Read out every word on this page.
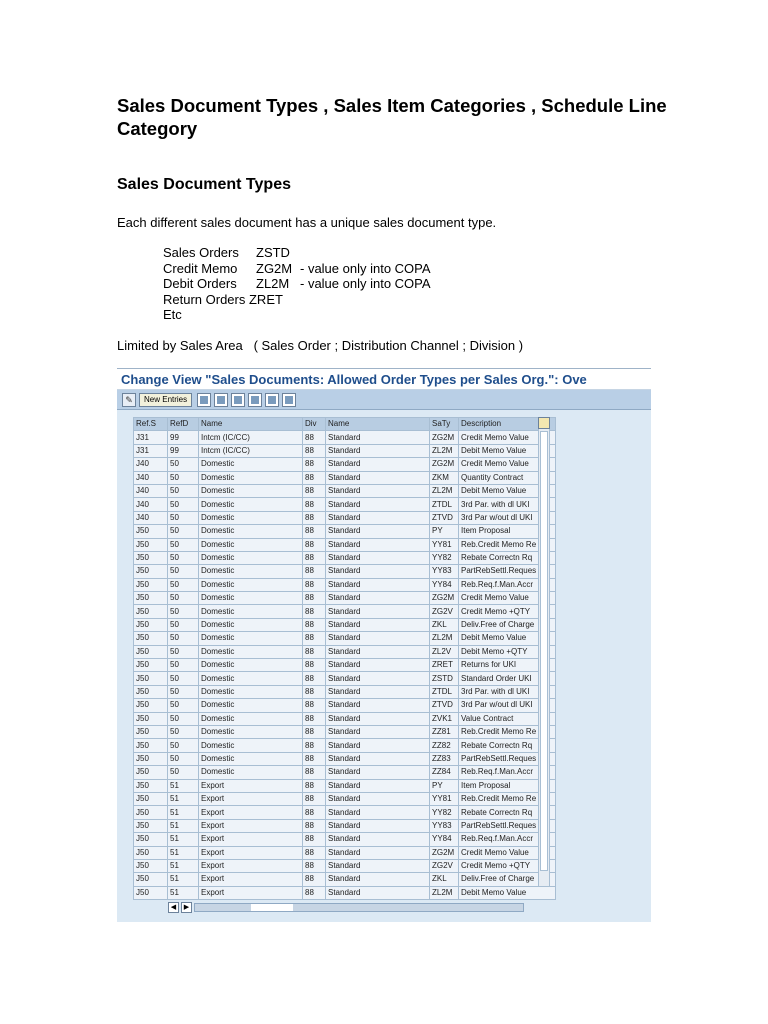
Sales Document Types , Sales Item Categories , Schedule Line Category
Sales Document Types
Each different sales document has a unique sales document type.
Sales Orders ZSTD
Credit Memo ZG2M - value only into COPA
Debit Orders ZL2M - value only into COPA
Return Orders ZRET
Etc
Limited by Sales Area   ( Sales Order ; Distribution Channel ; Division )
Change View "Sales Documents: Allowed Order Types per Sales Org.": Ove
✎	New Entries
Ref.S	RefD	Name	Div	Name	SaTy	Description
J31	99	Intcm (IC/CC)	88	Standard	ZG2M	Credit Memo Value
J31	99	Intcm (IC/CC)	88	Standard	ZL2M	Debit Memo Value
J40	50	Domestic	88	Standard	ZG2M	Credit Memo Value
J40	50	Domestic	88	Standard	ZKM	Quantity Contract
J40	50	Domestic	88	Standard	ZL2M	Debit Memo Value
J40	50	Domestic	88	Standard	ZTDL	3rd Par. with dl UKI
J40	50	Domestic	88	Standard	ZTVD	3rd Par w/out dl UKI
J50	50	Domestic	88	Standard	PY	Item Proposal
J50	50	Domestic	88	Standard	YY81	Reb.Credit Memo Re
J50	50	Domestic	88	Standard	YY82	Rebate Correctn Rq
J50	50	Domestic	88	Standard	YY83	PartRebSettl.Reques
J50	50	Domestic	88	Standard	YY84	Reb.Req.f.Man.Accr
J50	50	Domestic	88	Standard	ZG2M	Credit Memo Value
J50	50	Domestic	88	Standard	ZG2V	Credit Memo +QTY
J50	50	Domestic	88	Standard	ZKL	Deliv.Free of Charge
J50	50	Domestic	88	Standard	ZL2M	Debit Memo Value
J50	50	Domestic	88	Standard	ZL2V	Debit Memo +QTY
J50	50	Domestic	88	Standard	ZRET	Returns for UKI
J50	50	Domestic	88	Standard	ZSTD	Standard Order UKI
J50	50	Domestic	88	Standard	ZTDL	3rd Par. with dl UKI
J50	50	Domestic	88	Standard	ZTVD	3rd Par w/out dl UKI
J50	50	Domestic	88	Standard	ZVK1	Value Contract
J50	50	Domestic	88	Standard	ZZ81	Reb.Credit Memo Re
J50	50	Domestic	88	Standard	ZZ82	Rebate Correctn Rq
J50	50	Domestic	88	Standard	ZZ83	PartRebSettl.Reques
J50	50	Domestic	88	Standard	ZZ84	Reb.Req.f.Man.Accr
J50	51	Export	88	Standard	PY	Item Proposal
J50	51	Export	88	Standard	YY81	Reb.Credit Memo Re
J50	51	Export	88	Standard	YY82	Rebate Correctn Rq
J50	51	Export	88	Standard	YY83	PartRebSettl.Reques
J50	51	Export	88	Standard	YY84	Reb.Req.f.Man.Accr
J50	51	Export	88	Standard	ZG2M	Credit Memo Value
J50	51	Export	88	Standard	ZG2V	Credit Memo +QTY
J50	51	Export	88	Standard	ZKL	Deliv.Free of Charge
J50	51	Export	88	Standard	ZL2M	Debit Memo Value
◀	▶
